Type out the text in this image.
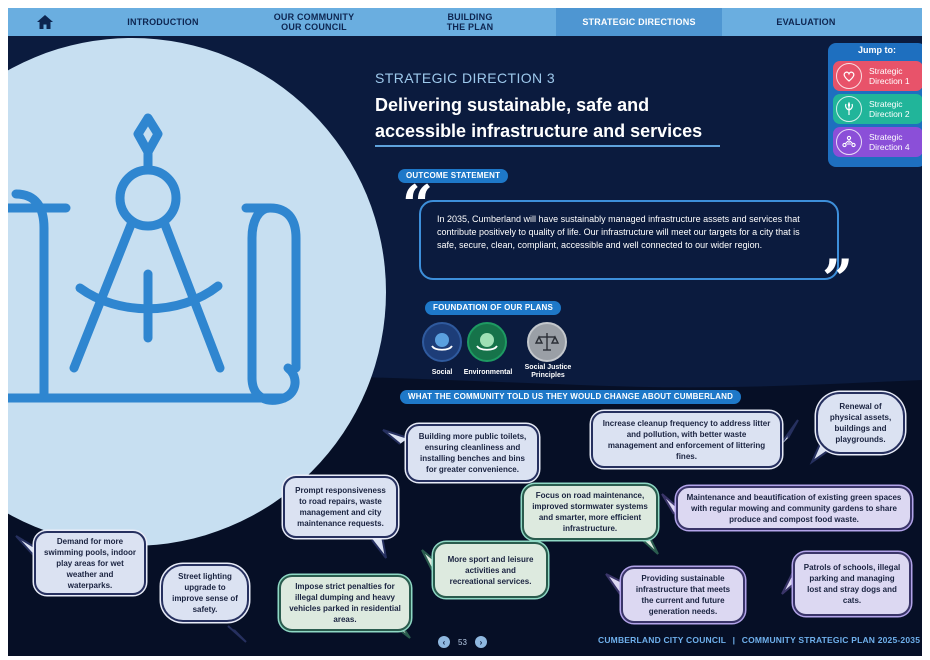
INTRODUCTION	OUR COMMUNITY
OUR COUNCIL
BUILDING
THE PLAN	STRATEGIC DIRECTIONS	EVALUATION
STRATEGIC DIRECTION 3
Delivering sustainable, safe and accessible infrastructure and services
Jump to:
Strategic
Direction 1
Strategic
Direction 2
Strategic
Direction 4
OUTCOME STATEMENT
“
”
In 2035, Cumberland will have sustainably managed infrastructure assets and services that contribute positively to quality of life. Our infrastructure will meet our targets for a city that is safe, secure, clean, compliant, accessible and well connected to our wider region.
FOUNDATION OF OUR PLANS
Social	Environmental
Social Justice
Principles
WHAT THE COMMUNITY TOLD US THEY WOULD CHANGE ABOUT CUMBERLAND
Building more public toilets, ensuring cleanliness and installing benches and bins for greater convenience.
Increase cleanup frequency to address litter and pollution, with better waste management and enforcement of littering fines.
Renewal of physical assets, buildings and playgrounds.
Prompt responsiveness to road repairs, waste management and city maintenance requests.
Focus on road maintenance, improved stormwater systems and smarter, more efficient infrastructure.
Maintenance and beautification of existing green spaces with regular mowing and community gardens to share produce and compost food waste.
Demand for more swimming pools, indoor play areas for wet weather and waterparks.
Street lighting upgrade to improve sense of safety.
More sport and leisure activities and recreational services.
Impose strict penalties for illegal dumping and heavy vehicles parked in residential areas.
Providing sustainable infrastructure that meets the current and future generation needs.
Patrols of schools, illegal parking and managing lost and stray dogs and cats.
‹ 53 ›	CUMBERLAND CITY COUNCIL | COMMUNITY STRATEGIC PLAN 2025-2035
